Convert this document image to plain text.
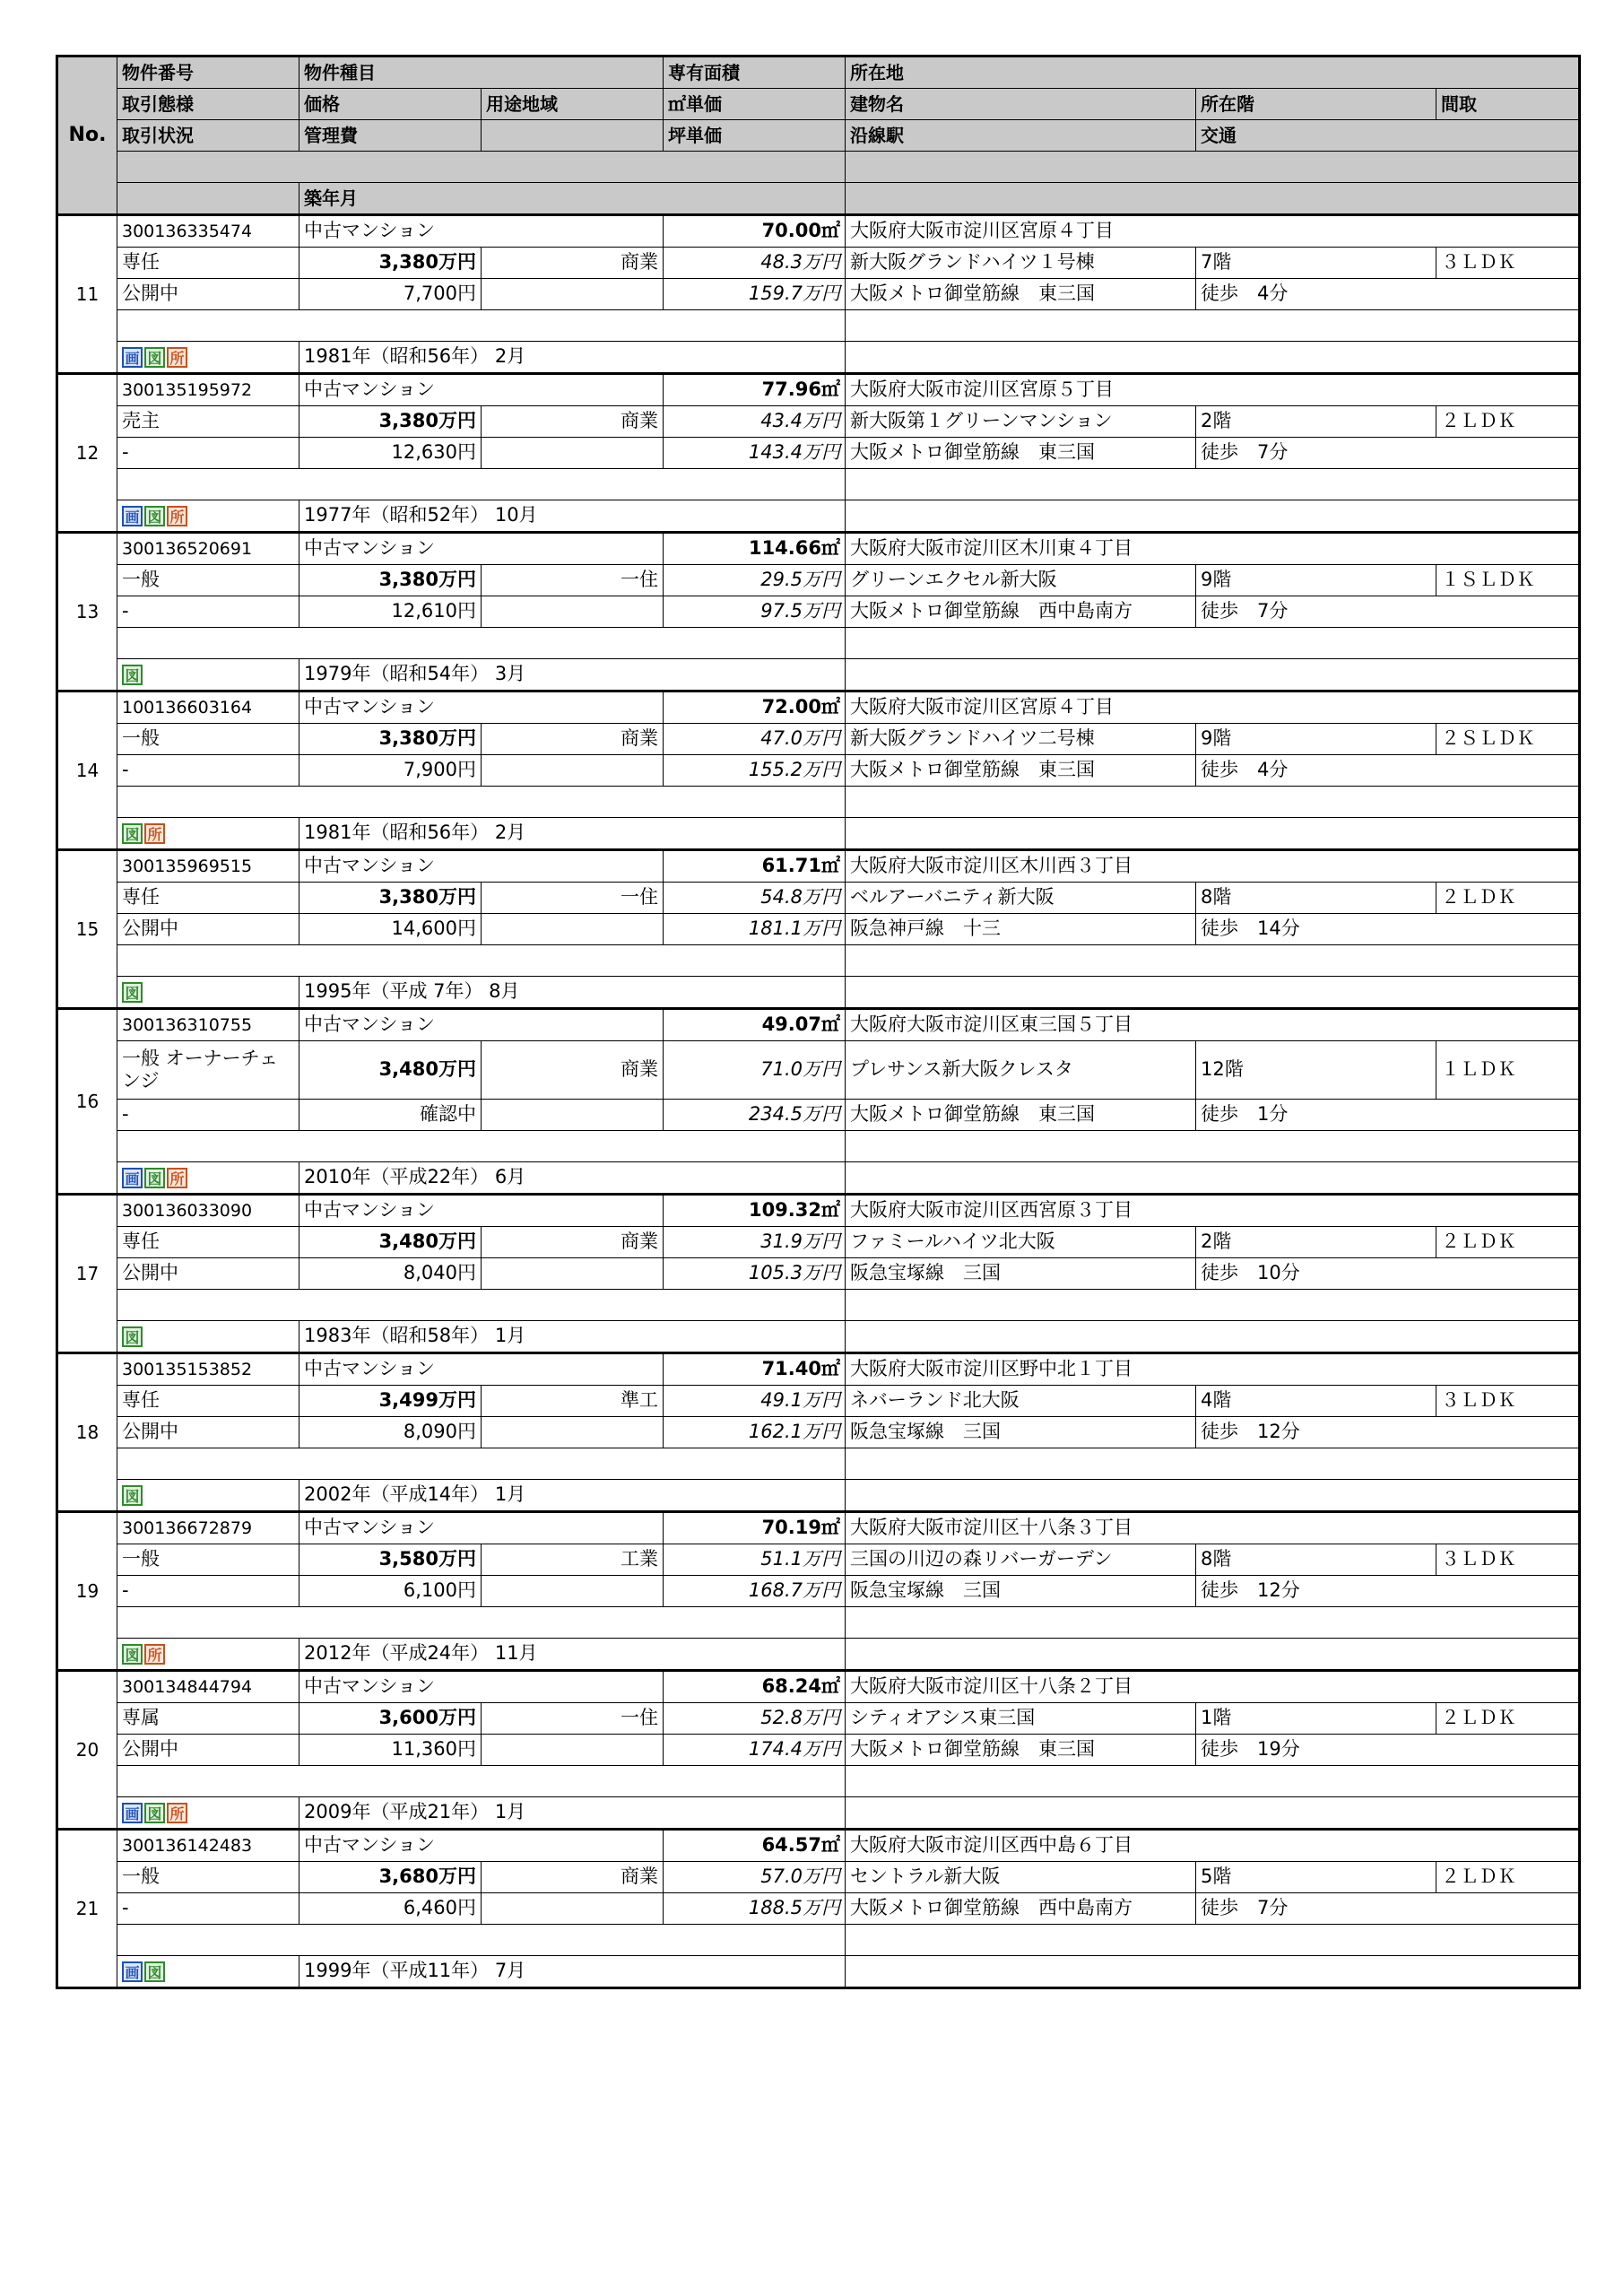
No.	物件番号	物件種目		専有面積	所在地		
	取引態様	価格	用途地域	㎡単価	建物名	所在階	間取
	取引状況	管理費		坪単価	沿線駅	交通	

		築年月					
11	300136335474	中古マンション		70.00㎡	大阪府大阪市淀川区宮原４丁目		
	専任	3,380万円	商業	48.3万円	新大阪グランドハイツ１号棟	7階	３ＬＤＫ
	公開中	7,700円		159.7万円	大阪メトロ御堂筋線　東三国	徒歩　4分	

	画 図 所	1981年（昭和56年） 2月					
12	300135195972	中古マンション		77.96㎡	大阪府大阪市淀川区宮原５丁目		
	売主	3,380万円	商業	43.4万円	新大阪第１グリーンマンション	2階	２ＬＤＫ
	-	12,630円		143.4万円	大阪メトロ御堂筋線　東三国	徒歩　7分	

	画 図 所	1977年（昭和52年） 10月					
13	300136520691	中古マンション		114.66㎡	大阪府大阪市淀川区木川東４丁目		
	一般	3,380万円	一住	29.5万円	グリーンエクセル新大阪	9階	１ＳＬＤＫ
	-	12,610円		97.5万円	大阪メトロ御堂筋線　西中島南方	徒歩　7分	

	図	1979年（昭和54年） 3月					
14	100136603164	中古マンション		72.00㎡	大阪府大阪市淀川区宮原４丁目		
	一般	3,380万円	商業	47.0万円	新大阪グランドハイツ二号棟	9階	２ＳＬＤＫ
	-	7,900円		155.2万円	大阪メトロ御堂筋線　東三国	徒歩　4分	

	図 所	1981年（昭和56年） 2月					
15	300135969515	中古マンション		61.71㎡	大阪府大阪市淀川区木川西３丁目		
	専任	3,380万円	一住	54.8万円	ベルアーバニティ新大阪	8階	２ＬＤＫ
	公開中	14,600円		181.1万円	阪急神戸線　十三	徒歩　14分	

	図	1995年（平成 7年） 8月					
16	300136310755	中古マンション		49.07㎡	大阪府大阪市淀川区東三国５丁目		
	一般 オーナーチェンジ	3,480万円	商業	71.0万円	プレサンス新大阪クレスタ	12階	１ＬＤＫ
	-	確認中		234.5万円	大阪メトロ御堂筋線　東三国	徒歩　1分	

	画 図 所	2010年（平成22年） 6月					
17	300136033090	中古マンション		109.32㎡	大阪府大阪市淀川区西宮原３丁目		
	専任	3,480万円	商業	31.9万円	ファミールハイツ北大阪	2階	２ＬＤＫ
	公開中	8,040円		105.3万円	阪急宝塚線　三国	徒歩　10分	

	図	1983年（昭和58年） 1月					
18	300135153852	中古マンション		71.40㎡	大阪府大阪市淀川区野中北１丁目		
	専任	3,499万円	準工	49.1万円	ネバーランド北大阪	4階	３ＬＤＫ
	公開中	8,090円		162.1万円	阪急宝塚線　三国	徒歩　12分	

	図	2002年（平成14年） 1月					
19	300136672879	中古マンション		70.19㎡	大阪府大阪市淀川区十八条３丁目		
	一般	3,580万円	工業	51.1万円	三国の川辺の森リバーガーデン	8階	３ＬＤＫ
	-	6,100円		168.7万円	阪急宝塚線　三国	徒歩　12分	

	図 所	2012年（平成24年） 11月					
20	300134844794	中古マンション		68.24㎡	大阪府大阪市淀川区十八条２丁目		
	専属	3,600万円	一住	52.8万円	シティオアシス東三国	1階	２ＬＤＫ
	公開中	11,360円		174.4万円	大阪メトロ御堂筋線　東三国	徒歩　19分	

	画 図 所	2009年（平成21年） 1月					
21	300136142483	中古マンション		64.57㎡	大阪府大阪市淀川区西中島６丁目		
	一般	3,680万円	商業	57.0万円	セントラル新大阪	5階	２ＬＤＫ
	-	6,460円		188.5万円	大阪メトロ御堂筋線　西中島南方	徒歩　7分	

	画 図	1999年（平成11年） 7月					
